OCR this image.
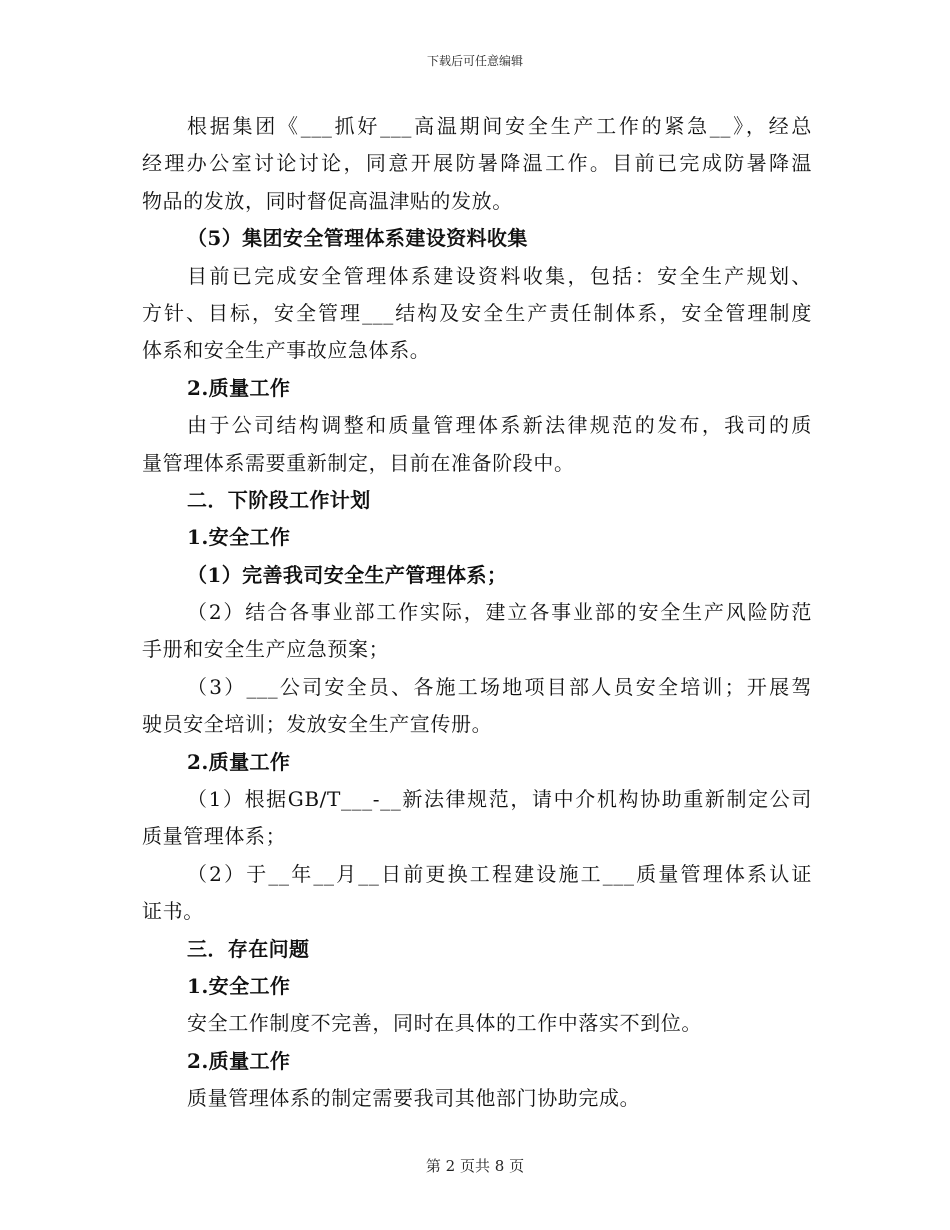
下载后可任意编辑
根据集团《___抓好___高温期间安全生产工作的紧急__》，经总
经理办公室讨论讨论，同意开展防暑降温工作。目前已完成防暑降温
物品的发放，同时督促高温津贴的发放。
（5）集团安全管理体系建设资料收集
目前已完成安全管理体系建设资料收集，包括：安全生产规划、
方针、目标，安全管理___结构及安全生产责任制体系，安全管理制度
体系和安全生产事故应急体系。
2.质量工作
由于公司结构调整和质量管理体系新法律规范的发布，我司的质
量管理体系需要重新制定，目前在准备阶段中。
二．下阶段工作计划
1.安全工作
（1）完善我司安全生产管理体系；
（2）结合各事业部工作实际，建立各事业部的安全生产风险防范
手册和安全生产应急预案；
（3）___公司安全员、各施工场地项目部人员安全培训；开展驾
驶员安全培训；发放安全生产宣传册。
2.质量工作
（1）根据GB/T___-__新法律规范，请中介机构协助重新制定公司
质量管理体系；
（2）于__年__月__日前更换工程建设施工___质量管理体系认证
证书。
三．存在问题
1.安全工作
安全工作制度不完善，同时在具体的工作中落实不到位。
2.质量工作
质量管理体系的制定需要我司其他部门协助完成。
第 2 页共 8 页
